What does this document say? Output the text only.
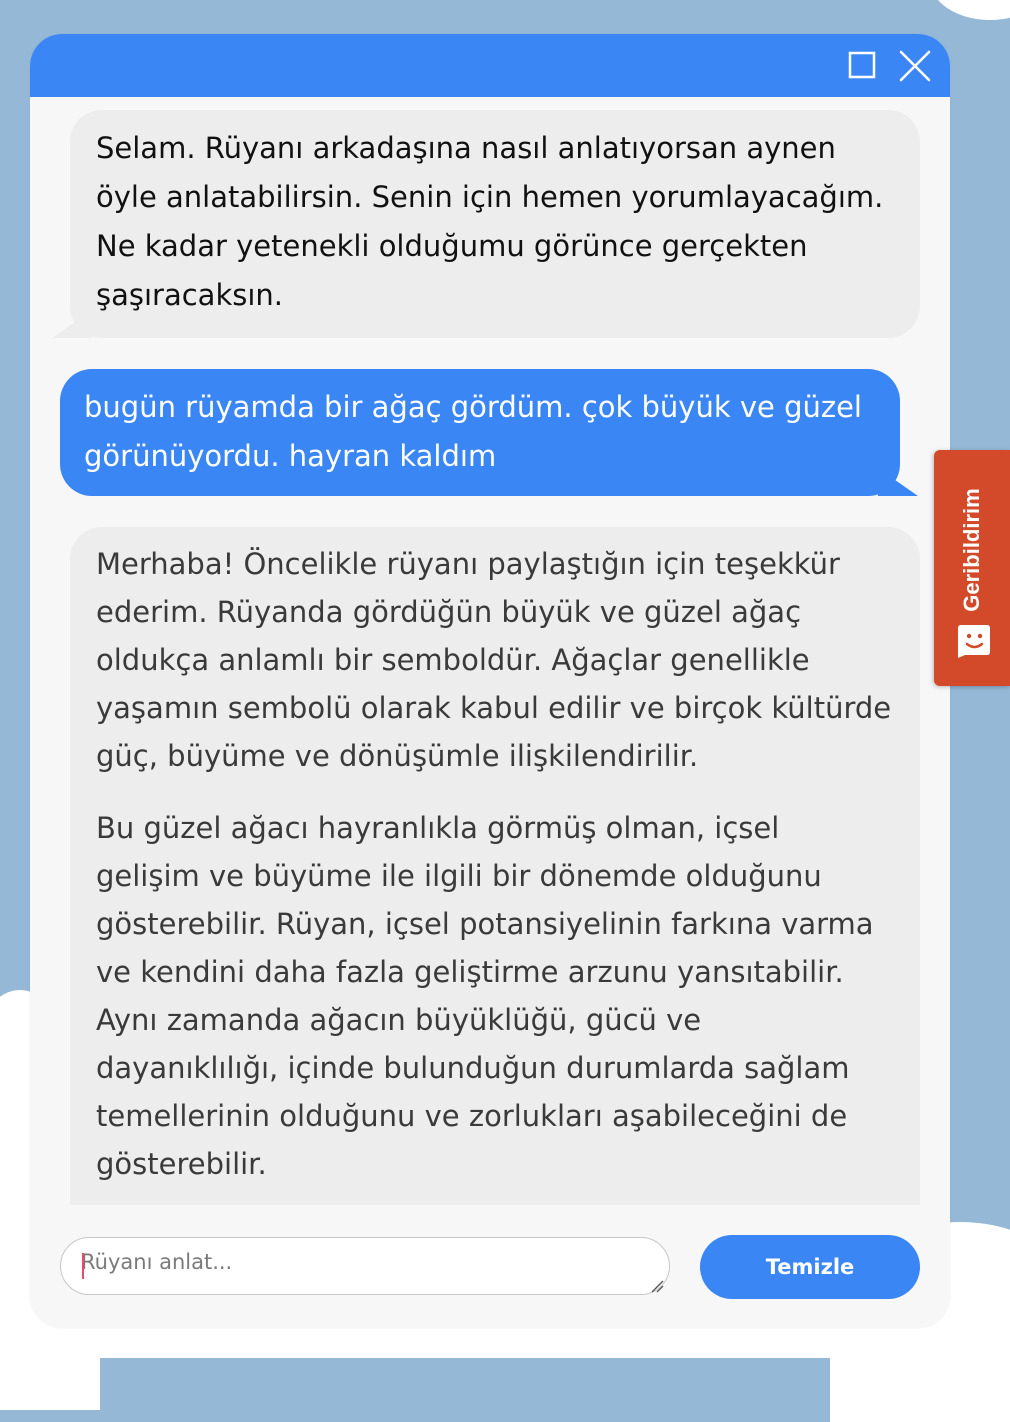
Selam. Rüyanı arkadaşına nasıl anlatıyorsan aynen öyle anlatabilirsin. Senin için hemen yorumlayacağım. Ne kadar yetenekli olduğumu görünce gerçekten şaşıracaksın.
bugün rüyamda bir ağaç gördüm. çok büyük ve güzel görünüyordu. hayran kaldım

Merhaba! Öncelikle rüyanı paylaştığın için teşekkür ederim. Rüyanda gördüğün büyük ve güzel ağaç oldukça anlamlı bir semboldür. Ağaçlar genellikle yaşamın sembolü olarak kabul edilir ve birçok kültürde güç, büyüme ve dönüşümle ilişkilendirilir.

Bu güzel ağacı hayranlıkla görmüş olman, içsel gelişim ve büyüme ile ilgili bir dönemde olduğunu gösterebilir. Rüyan, içsel potansiyelinin farkına varma ve kendini daha fazla geliştirme arzunu yansıtabilir. Aynı zamanda ağacın büyüklüğü, gücü ve dayanıklılığı, içinde bulunduğun durumlarda sağlam temellerinin olduğunu ve zorlukları aşabileceğini de gösterebilir.

Rüyanı anlat...
Temizle
Geribildirim
